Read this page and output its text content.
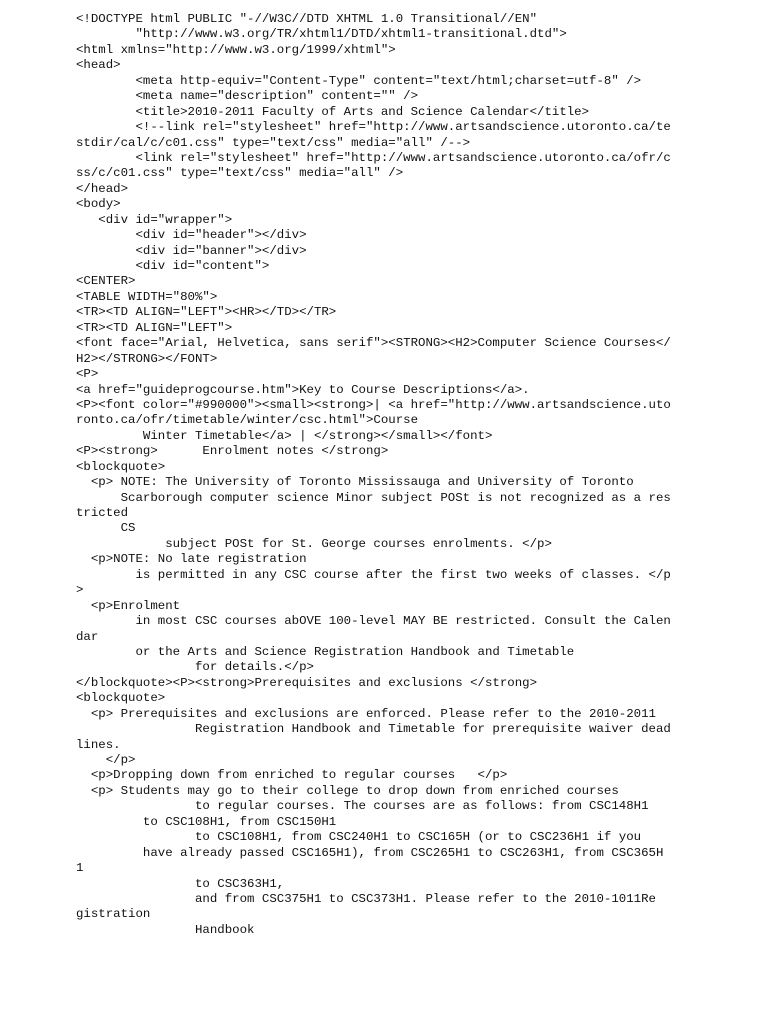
<!DOCTYPE html PUBLIC "-//W3C//DTD XHTML 1.0 Transitional//EN"
"http://www.w3.org/TR/xhtml1/DTD/xhtml1-transitional.dtd">
<html xmlns="http://www.w3.org/1999/xhtml">
<head>
<meta http-equiv="Content-Type" content="text/html;charset=utf-8" />
<meta name="description" content="" />
<title>2010-2011 Faculty of Arts and Science Calendar</title>
<!--link rel="stylesheet" href="http://www.artsandscience.utoronto.ca/te
stdir/cal/c/c01.css" type="text/css" media="all" /-->
<link rel="stylesheet" href="http://www.artsandscience.utoronto.ca/ofr/c
ss/c/c01.css" type="text/css" media="all" />
</head>
<body>
<div id="wrapper">
<div id="header"></div>
<div id="banner"></div>
<div id="content">
<CENTER>
<TABLE WIDTH="80%">
<TR><TD ALIGN="LEFT"><HR></TD></TR>
<TR><TD ALIGN="LEFT">
<font face="Arial, Helvetica, sans serif"><STRONG><H2>Computer Science Courses</
H2></STRONG></FONT>
<P>
<a href="guideprogcourse.htm">Key to Course Descriptions</a>.
<P><font color="#990000"><small><strong>| <a href="http://www.artsandscience.uto
ronto.ca/ofr/timetable/winter/csc.html">Course
Winter Timetable</a> | </strong></small></font>
<P><strong>      Enrolment notes </strong>
<blockquote>
<p> NOTE: The University of Toronto Mississauga and University of Toronto
Scarborough computer science Minor subject POSt is not recognized as a res
tricted
CS
subject POSt for St. George courses enrolments. </p>
<p>NOTE: No late registration
is permitted in any CSC course after the first two weeks of classes. </p
>
<p>Enrolment
in most CSC courses abOVE 100-level MAY BE restricted. Consult the Calen
dar
or the Arts and Science Registration Handbook and Timetable
for details.</p>
</blockquote><P><strong>Prerequisites and exclusions </strong>
<blockquote>
<p> Prerequisites and exclusions are enforced. Please refer to the 2010-2011
Registration Handbook and Timetable for prerequisite waiver dead
lines.
</p>
<p>Dropping down from enriched to regular courses   </p>
<p> Students may go to their college to drop down from enriched courses
to regular courses. The courses are as follows: from CSC148H1
to CSC108H1, from CSC150H1
to CSC108H1, from CSC240H1 to CSC165H (or to CSC236H1 if you
have already passed CSC165H1), from CSC265H1 to CSC263H1, from CSC365H
1
to CSC363H1,
and from CSC375H1 to CSC373H1. Please refer to the 2010-1011Re
gistration
Handbook
